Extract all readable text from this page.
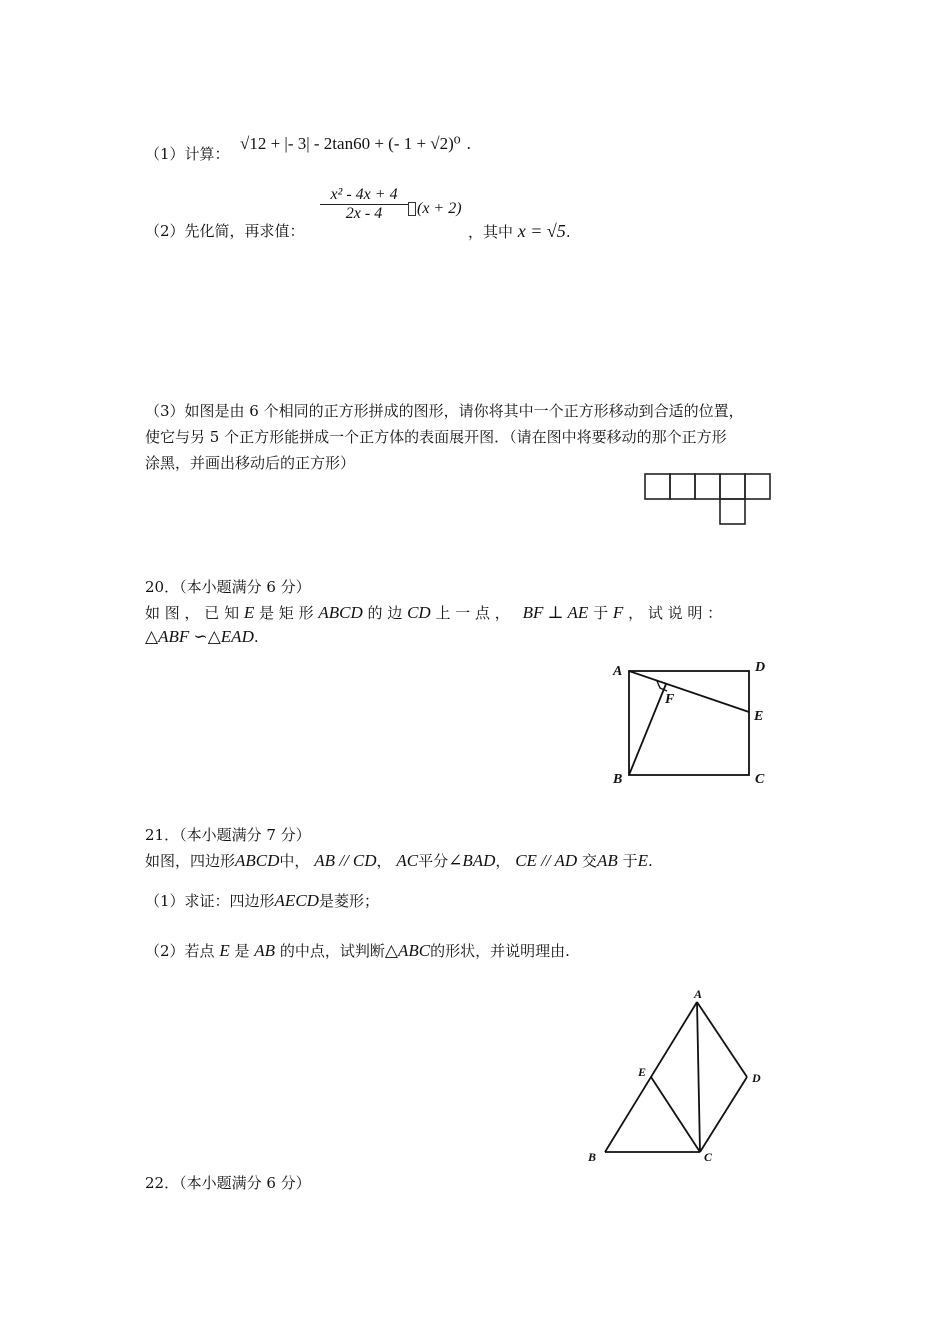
（1）计算：
√12 + |- 3| - 2tan60 + (- 1 + √2)⁰ .
（2）先化简，再求值：
x² - 4x + 4
2x - 4	(x + 2)
，其中 x = √5.
（3）如图是由 6 个相同的正方形拼成的图形，请你将其中一个正方形移动到合适的位置，
使它与另 5 个正方形能拼成一个正方体的表面展开图．（请在图中将要移动的那个正方形
涂黑，并画出移动后的正方形）
20．（本小题满分 6 分）
如 图 ， 已 知 E 是 矩 形 ABCD 的 边 CD 上 一 点 ， BF ⊥ AE 于 F ， 试 说 明 ：
△ABF ∽△EAD.
A
B	C
D
E
F
21．（本小题满分 7 分）
如图，四边形ABCD中， AB // CD， AC平分∠BAD， CE // AD 交AB 于E.
（1）求证：四边形AECD是菱形；
（2）若点 E 是 AB 的中点，试判断△ABC的形状，并说明理由.
A
B	C
D
E
22．（本小题满分 6 分）
